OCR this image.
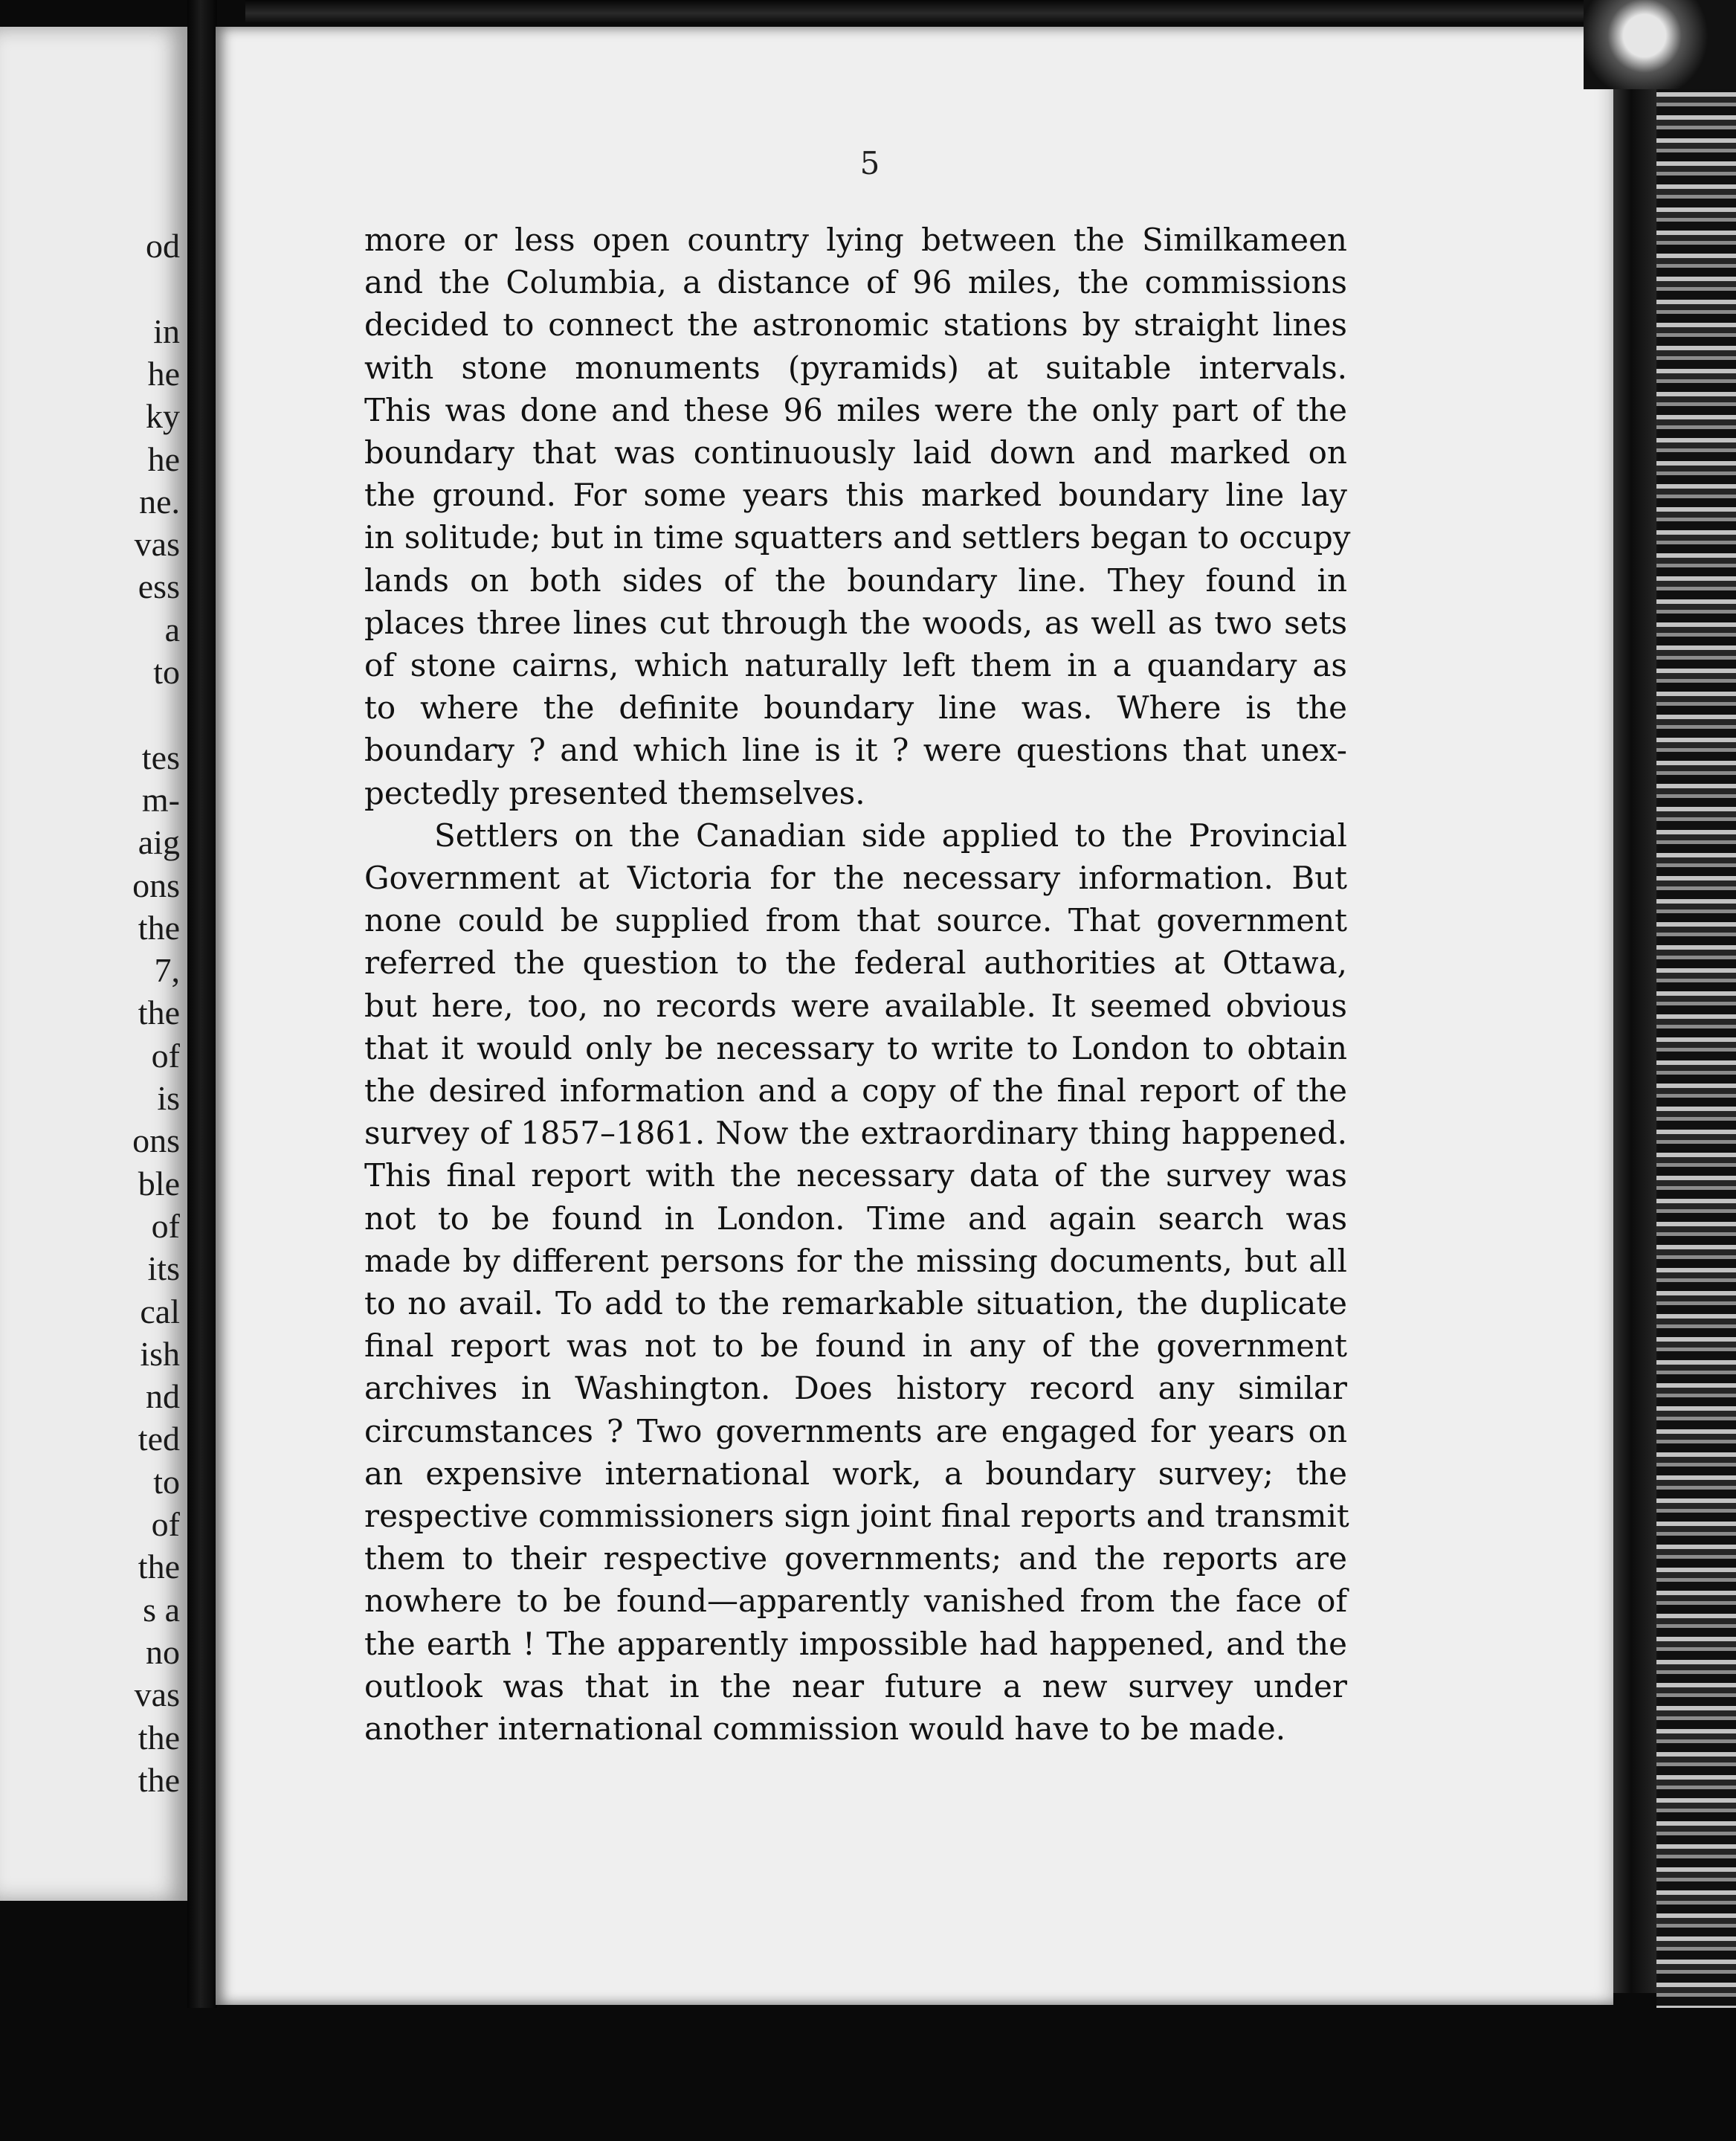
od
in
he
ky
he
ne.
vas
ess
a
to
tes
m-
aig
ons
the
7,
the
of
is
ons
ble
of
its
cal
ish
nd
ted
to
of
the
s a
no
vas
the
the
5
more or less open country lying between the Similkameen
and the Columbia, a distance of 96 miles, the commissions
decided to connect the astronomic stations by straight lines
with stone monuments (pyramids) at suitable intervals.
This was done and these 96 miles were the only part of the
boundary that was continuously laid down and marked on
the ground. For some years this marked boundary line lay
in solitude; but in time squatters and settlers began to occupy
lands on both sides of the boundary line. They found in
places three lines cut through the woods, as well as two sets
of stone cairns, which naturally left them in a quandary as
to where the definite boundary line was. Where is the
boundary ? and which line is it ? were questions that unex-
pectedly presented themselves.
Settlers on the Canadian side applied to the Provincial
Government at Victoria for the necessary information. But
none could be supplied from that source. That government
referred the question to the federal authorities at Ottawa,
but here, too, no records were available. It seemed obvious
that it would only be necessary to write to London to obtain
the desired information and a copy of the final report of the
survey of 1857–1861. Now the extraordinary thing happened.
This final report with the necessary data of the survey was
not to be found in London. Time and again search was
made by different persons for the missing documents, but all
to no avail. To add to the remarkable situation, the duplicate
final report was not to be found in any of the government
archives in Washington. Does history record any similar
circumstances ? Two governments are engaged for years on
an expensive international work, a boundary survey; the
respective commissioners sign joint final reports and transmit
them to their respective governments; and the reports are
nowhere to be found—apparently vanished from the face of
the earth ! The apparently impossible had happened, and the
outlook was that in the near future a new survey under
another international commission would have to be made.
